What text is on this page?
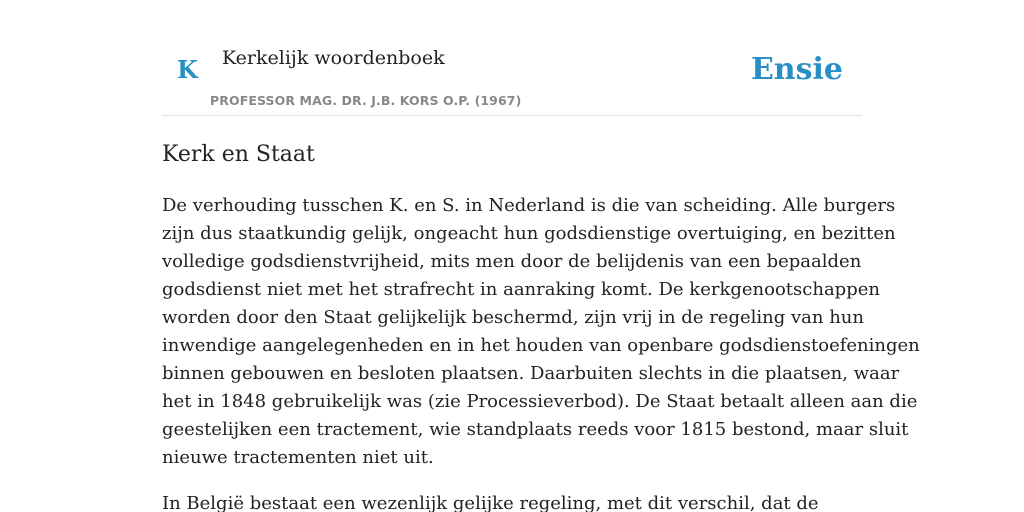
K Kerkelijk woordenboek
PROFESSOR MAG. DR. J.B. KORS O.P. (1967)
Ensie
Kerk en Staat

De verhouding tusschen K. en S. in Nederland is die van scheiding. Alle burgers
zijn dus staatkundig gelijk, ongeacht hun godsdienstige overtuiging, en bezitten
volledige godsdienstvrijheid, mits men door de belijdenis van een bepaalden
godsdienst niet met het strafrecht in aanraking komt. De kerkgenootschappen
worden door den Staat gelijkelijk beschermd, zijn vrij in de regeling van hun
inwendige aangelegenheden en in het houden van openbare godsdienstoefeningen
binnen gebouwen en besloten plaatsen. Daarbuiten slechts in die plaatsen, waar
het in 1848 gebruikelijk was (zie Processieverbod). De Staat betaalt alleen aan die
geestelijken een tractement, wie standplaats reeds voor 1815 bestond, maar sluit
nieuwe tractementen niet uit.

In België bestaat een wezenlijk gelijke regeling, met dit verschil, dat de
